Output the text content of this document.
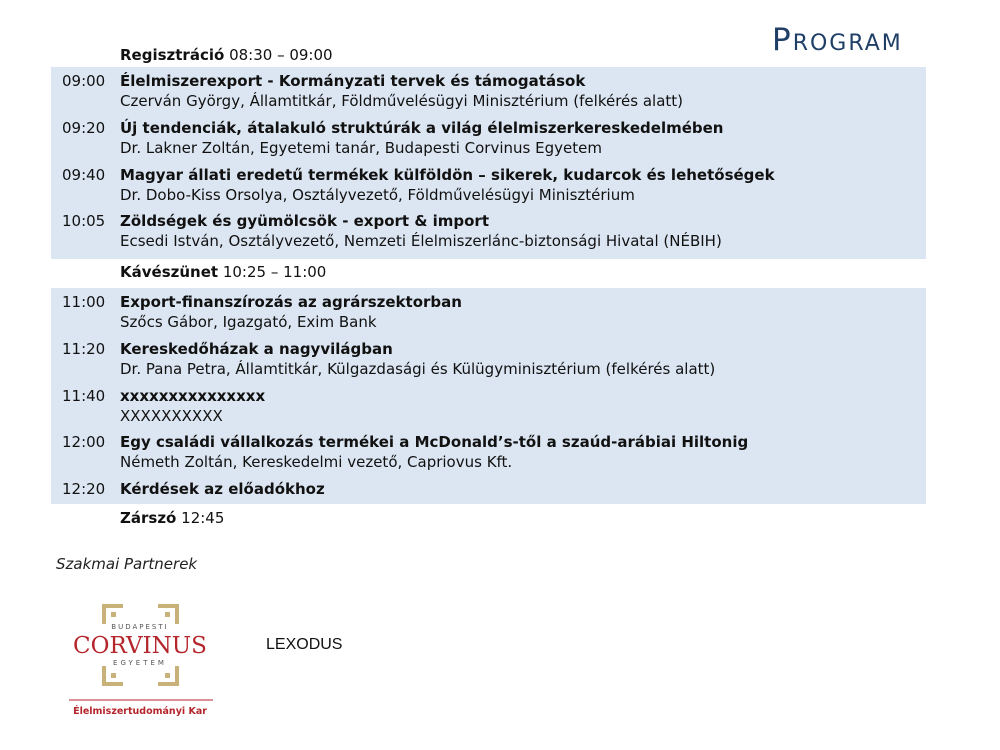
Program
Regisztráció 08:30 – 09:00
09:00 Élelmiszerexport - Kormányzati tervek és támogatások
Czerván György, Államtitkár, Földművelésügyi Minisztérium (felkérés alatt)
09:20 Új tendenciák, átalakuló struktúrák a világ élelmiszerkereskedelmében
Dr. Lakner Zoltán, Egyetemi tanár, Budapesti Corvinus Egyetem
09:40 Magyar állati eredetű termékek külföldön – sikerek, kudarcok és lehetőségek
Dr. Dobo-Kiss Orsolya, Osztályvezető, Földművelésügyi Minisztérium
10:05 Zöldségek és gyümölcsök - export & import
Ecsedi István, Osztályvezető, Nemzeti Élelmiszerlánc-biztonsági Hivatal (NÉBIH)
Kávészünet 10:25 – 11:00
11:00 Export-finanszírozás az agrárszektorban
Szőcs Gábor, Igazgató, Exim Bank
11:20 Kereskedőházak a nagyvilágban
Dr. Pana Petra, Államtitkár, Külgazdasági és Külügyminisztérium (felkérés alatt)
11:40 xxxxxxxxxxxxxxx
XXXXXXXXXX
12:00 Egy családi vállalkozás termékei a McDonald’s-től a szaúd-arábiai Hiltonig
Németh Zoltán, Kereskedelmi vezető, Capriovus Kft.
12:20 Kérdések az előadókhoz
Zárszó 12:45
Szakmai Partnerek
BUDAPESTI
CORVINUS
EGYETEM
Élelmiszertudományi Kar
LEXODUS
